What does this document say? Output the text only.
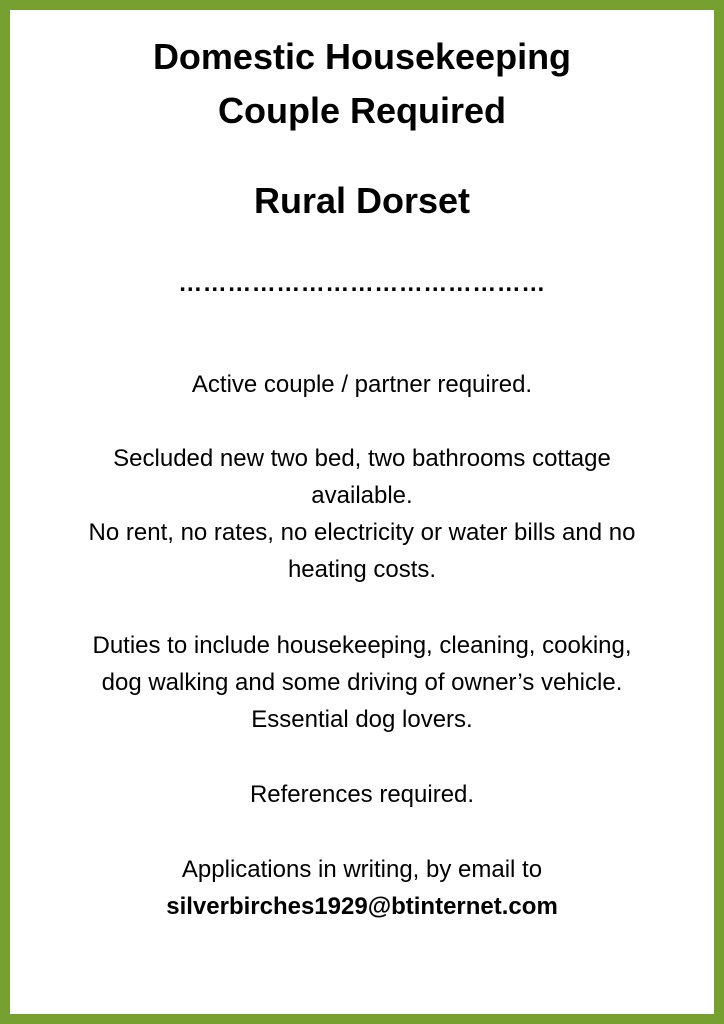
Domestic Housekeeping
Couple Required
Rural Dorset
………………………………………

Active couple / partner required.

Secluded new two bed, two bathrooms cottage

available.

No rent, no rates, no electricity or water bills and no

heating costs.

Duties to include housekeeping, cleaning, cooking,

dog walking and some driving of owner’s vehicle.

Essential dog lovers.

References required.

Applications in writing, by email to

silverbirches1929@btinternet.com
